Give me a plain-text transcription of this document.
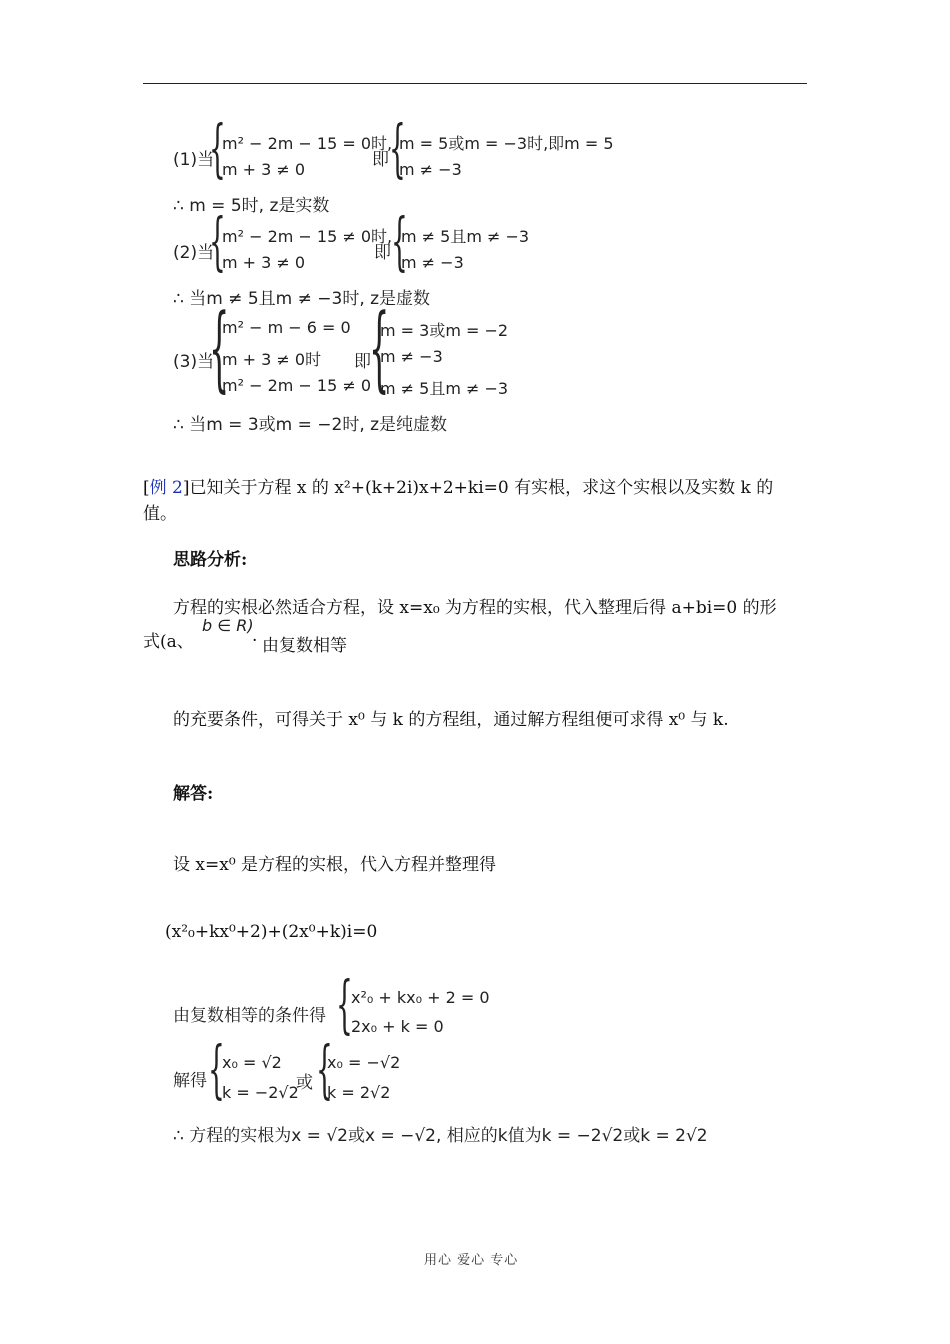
(1)当
{
m² − 2m − 15 = 0时,
m + 3 ≠ 0	即 {
m = 5或m = −3时,即m = 5
m ≠ −3
∴ m = 5时, z是实数
(2)当
{
m² − 2m − 15 ≠ 0时,
m + 3 ≠ 0	即 {
m ≠ 5且m ≠ −3
m ≠ −3
∴ 当m ≠ 5且m ≠ −3时, z是虚数
(3)当
{
m² − m − 6 = 0
m + 3 ≠ 0时
m² − 2m − 15 ≠ 0
即
{
m = 3或m = −2
m ≠ −3
m ≠ 5且m ≠ −3
∴ 当m = 3或m = −2时, z是纯虚数
[例 2]已知关于方程 x 的 x²+(k+2i)x+2+ki=0 有实根，求这个实根以及实数 k 的
值。
思路分析:
方程的实根必然适合方程，设 x=x₀ 为方程的实根，代入整理后得 a+bi=0 的形
式(a、
b ∈ R)
· 由复数相等
的充要条件，可得关于 x⁰ 与 k 的方程组，通过解方程组便可求得 x⁰ 与 k.
解答:
设 x=x⁰ 是方程的实根，代入方程并整理得
(x²₀+kx⁰+2)+(2x⁰+k)i=0
由复数相等的条件得 {
x²₀ + kx₀ + 2 = 0
2x₀ + k = 0
解得 {
x₀ = √2
k = −2√2
或 {
x₀ = −√2
k = 2√2
∴ 方程的实根为x = √2或x = −√2, 相应的k值为k = −2√2或k = 2√2
用心 爱心 专心
